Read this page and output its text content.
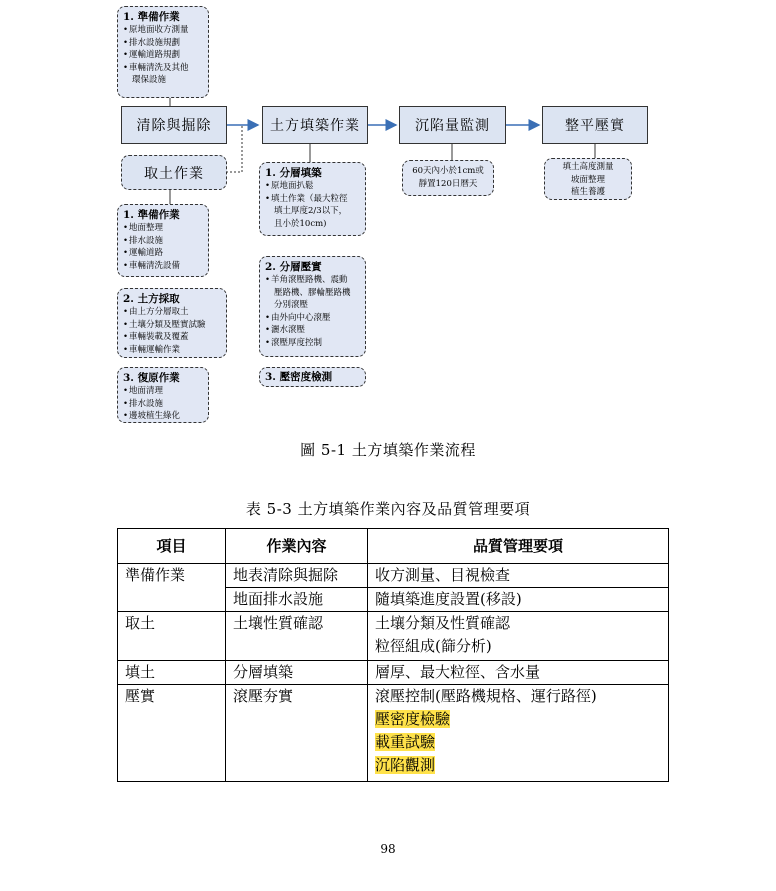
1. 準備作業
• 原地面收方測量
• 排水設施規劃
• 運輸道路規劃
• 車輛清洗及其他
環保設施
清除與掘除	土方填築作業	沉陷量監測	整平壓實
取土作業
1. 準備作業
• 地面整理
• 排水設施
• 運輸道路
• 車輛清洗設備
2. 土方採取
• 由上方分層取土
• 土壤分類及壓實試驗
• 車輛裝載及覆蓋
• 車輛運輸作業
3. 復原作業
• 地面清理
• 排水設施
• 邊坡植生綠化
1. 分層填築
• 原地面扒鬆
• 填土作業（最大粒徑
填土厚度2/3以下，
且小於10cm)
2. 分層壓實
• 羊角滾壓路機、震動
壓路機、膠輪壓路機
分別滾壓
• 由外向中心滾壓
• 灑水滾壓
• 滾壓厚度控制
3. 壓密度檢測
60天內小於1cm或
靜置120日暦天
填土高度測量
坡面整理
植生養護
圖 5-1 土方填築作業流程
表 5-3 土方填築作業內容及品質管理要項
項目	作業內容	品質管理要項
準備作業	地表清除與掘除	收方測量、目視檢查
	地面排水設施	隨填築進度設置(移設)
取土	土壤性質確認	土壤分類及性質確認
粒徑組成(篩分析)

填土	分層填築	層厚、最大粒徑、含水量
壓實	滾壓夯實	滾壓控制(壓路機規格、運行路徑)
壓密度檢驗
載重試驗
沉陷觀測
98
